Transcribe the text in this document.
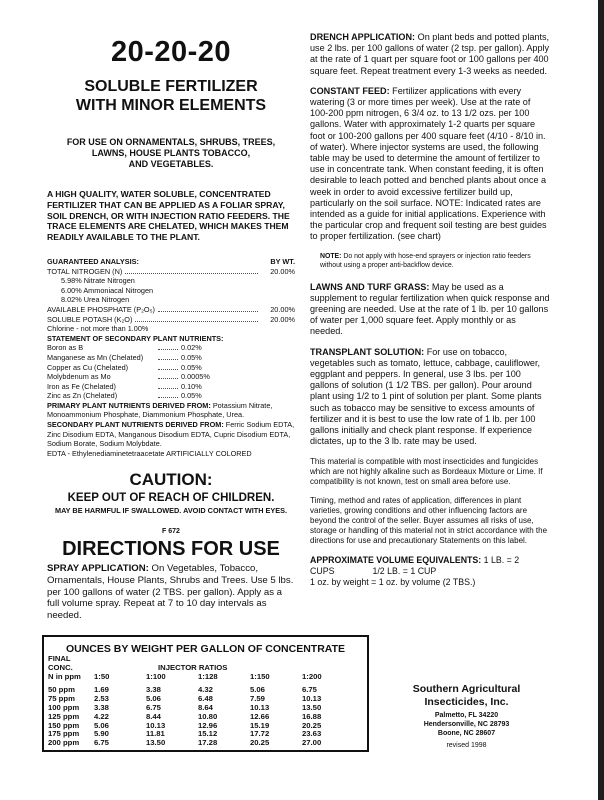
20-20-20
SOLUBLE FERTILIZER
WITH MINOR ELEMENTS
FOR USE ON ORNAMENTALS, SHRUBS, TREES,
LAWNS, HOUSE PLANTS TOBACCO,
AND VEGETABLES.
A HIGH QUALITY, WATER SOLUBLE, CONCENTRATED FERTILIZER THAT CAN BE APPLIED AS A FOLIAR SPRAY, SOIL DRENCH, OR WITH INJECTION RATIO FEEDERS. THE TRACE ELEMENTS ARE CHELATED, WHICH MAKES THEM READILY AVAILABLE TO THE PLANT.
GUARANTEED ANALYSIS:	BY WT.
TOTAL NITROGEN (N)	20.00%
5.98% Nitrate Nitrogen
6.00% Ammoniacal Nitrogen
8.02% Urea Nitrogen
AVAILABLE PHOSPHATE (P₂O₅)	20.00%
SOLUBLE POTASH (K₂O)	20.00%
Chlorine - not more than 1.00%
STATEMENT OF SECONDARY PLANT NUTRIENTS:
Boron as B	0.02%
Manganese as Mn (Chelated)	0.05%
Copper as Cu (Chelated)	0.05%
Molybdenum as Mo	0.0005%
Iron as Fe (Chelated)	0.10%
Zinc as Zn (Chelated)	0.05%
PRIMARY PLANT NUTRIENTS DERIVED FROM: Potassium Nitrate, Monoammonium Phosphate, Diammonium Phosphate, Urea.
SECONDARY PLANT NUTRIENTS DERIVED FROM: Ferric Sodium EDTA, Zinc Disodium EDTA, Manganous Disodium EDTA, Cupric Disodium EDTA, Sodium Borate, Sodium Molybdate.
EDTA - Ethylenediaminetetraacetate ARTIFICIALLY COLORED
CAUTION:
KEEP OUT OF REACH OF CHILDREN.
MAY BE HARMFUL IF SWALLOWED. AVOID CONTACT WITH EYES.
F 672
DIRECTIONS FOR USE
SPRAY APPLICATION: On Vegetables, Tobacco, Ornamentals, House Plants, Shrubs and Trees. Use 5 lbs. per 100 gallons of water (2 TBS. per gallon). Apply as a full volume spray. Repeat at 7 to 10 day intervals as needed.
DRENCH APPLICATION: On plant beds and potted plants, use 2 lbs. per 100 gallons of water (2 tsp. per gallon). Apply at the rate of 1 quart per square foot or 100 gallons per 400 square feet. Repeat treatment every 1-3 weeks as needed.
CONSTANT FEED: Fertilizer applications with every watering (3 or more times per week). Use at the rate of 100-200 ppm nitrogen, 6 3/4 oz. to 13 1/2 ozs. per 100 gallons. Water with approximately 1-2 quarts per square foot or 100-200 gallons per 400 square feet (4/10 - 8/10 in. of water). Where injector systems are used, the following table may be used to determine the amount of fertilizer to use in concentrate tank. When constant feeding, it is often desirable to leach potted and benched plants about once a week in order to avoid excessive fertilizer build up, particularly on the soil surface. NOTE: Indicated rates are intended as a guide for initial applications. Experience with the particular crop and frequent soil testing are best guides to proper fertilization. (see chart)
NOTE: Do not apply with hose-end sprayers or injection ratio feeders without using a proper anti-backflow device.
LAWNS AND TURF GRASS: May be used as a supplement to regular fertilization when quick response and greening are needed. Use at the rate of 1 lb. per 10 gallons of water per 1,000 square feet. Apply monthly or as needed.
TRANSPLANT SOLUTION: For use on tobacco, vegetables such as tomato, lettuce, cabbage, cauliflower, eggplant and peppers. In general, use 3 lbs. per 100 gallons of solution (1 1/2 TBS. per gallon). Pour around plant using 1/2 to 1 pint of solution per plant. Some plants such as tobacco may be sensitive to excess amounts of fertilizer and it is best to use the low rate of 1 lb. per 100 gallons initially and check plant response. If experience dictates, up to the 3 lb. rate may be used.
This material is compatible with most insecticides and fungicides which are not highly alkaline such as Bordeaux Mixture or Lime. If compatibility is not known, test on small area before use.
Timing, method and rates of application, differences in plant varieties, growing conditions and other influencing factors are beyond the control of the seller. Buyer assumes all risks of use, storage or handling of this material not in strict accordance with the directions for use and precautionary Statements on this label.
APPROXIMATE VOLUME EQUIVALENTS: 1 LB. = 2
CUPS	1/2 LB. = 1 CUP
1 oz. by weight = 1 oz. by volume (2 TBS.)
OUNCES BY WEIGHT PER GALLON OF CONCENTRATE
FINAL
CONC.	INJECTOR RATIOS
N in ppm	1:50	1:100	1:128	1:150	1:200
50 ppm	1.69	3.38	4.32	5.06	6.75
75 ppm	2.53	5.06	6.48	7.59	10.13
100 ppm	3.38	6.75	8.64	10.13	13.50
125 ppm	4.22	8.44	10.80	12.66	16.88
150 ppm	5.06	10.13	12.96	15.19	20.25
175 ppm	5.90	11.81	15.12	17.72	23.63
200 ppm	6.75	13.50	17.28	20.25	27.00
Southern Agricultural
Insecticides, Inc.
Palmetto, FL 34220
Hendersonville, NC 28793
Boone, NC 28607
revised 1998
